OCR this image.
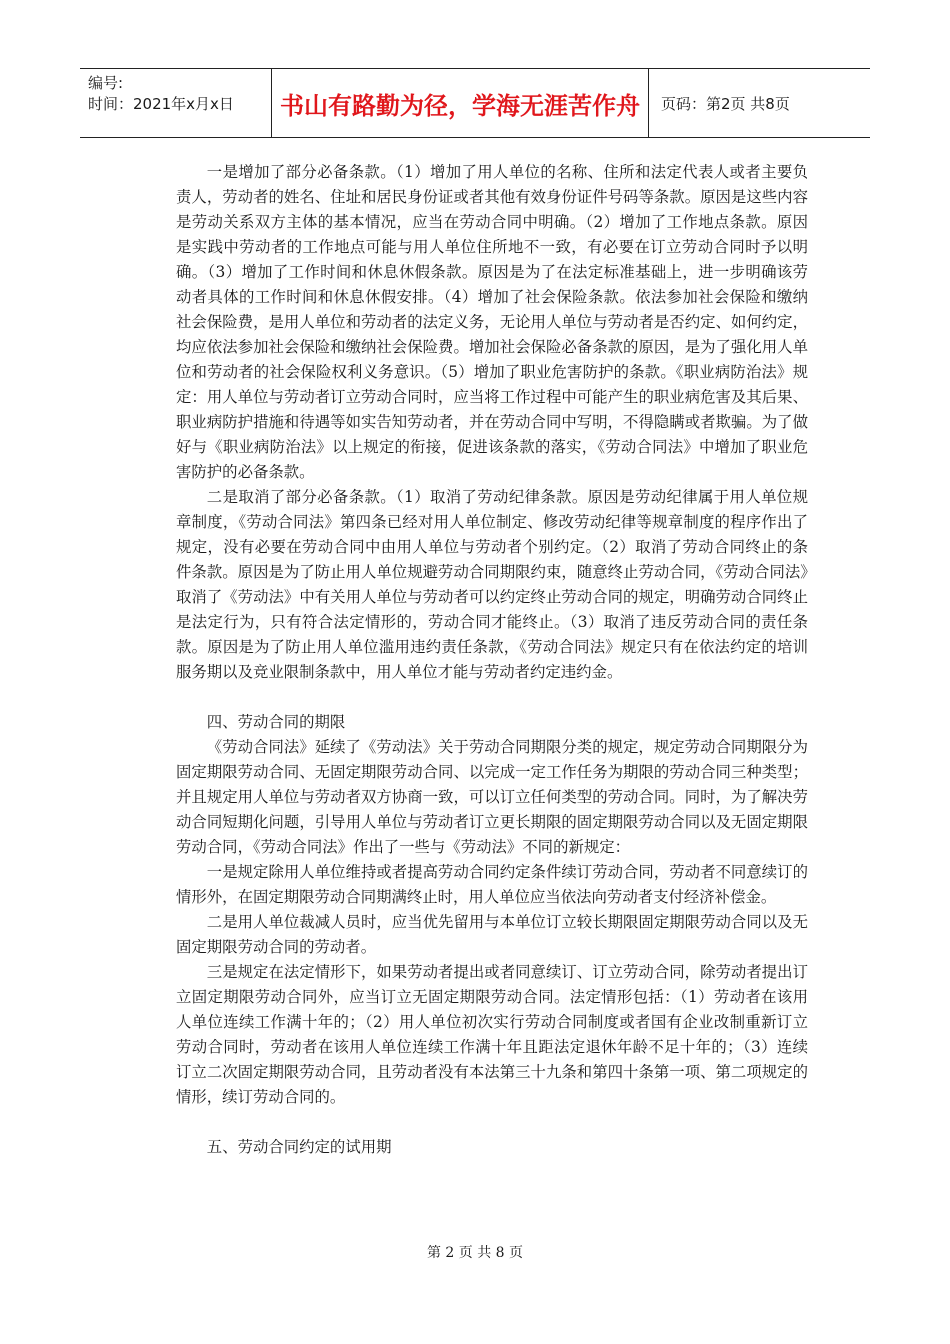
编号:
时间：2021年x月x日	书山有路勤为径，学海无涯苦作舟	页码：第2页 共8页

一是增加了部分必备条款。（1）增加了用人单位的名称、住所和法定代表人或者主要负责人，劳动者的姓名、住址和居民身份证或者其他有效身份证件号码等条款。原因是这些内容是劳动关系双方主体的基本情况，应当在劳动合同中明确。（2）增加了工作地点条款。原因是实践中劳动者的工作地点可能与用人单位住所地不一致，有必要在订立劳动合同时予以明确。（3）增加了工作时间和休息休假条款。原因是为了在法定标准基础上，进一步明确该劳动者具体的工作时间和休息休假安排。（4）增加了社会保险条款。依法参加社会保险和缴纳社会保险费，是用人单位和劳动者的法定义务，无论用人单位与劳动者是否约定、如何约定，均应依法参加社会保险和缴纳社会保险费。增加社会保险必备条款的原因，是为了强化用人单位和劳动者的社会保险权利义务意识。（5）增加了职业危害防护的条款。《职业病防治法》规定：用人单位与劳动者订立劳动合同时，应当将工作过程中可能产生的职业病危害及其后果、职业病防护措施和待遇等如实告知劳动者，并在劳动合同中写明，不得隐瞒或者欺骗。为了做好与《职业病防治法》以上规定的衔接，促进该条款的落实，《劳动合同法》中增加了职业危害防护的必备条款。

二是取消了部分必备条款。（1）取消了劳动纪律条款。原因是劳动纪律属于用人单位规章制度，《劳动合同法》第四条已经对用人单位制定、修改劳动纪律等规章制度的程序作出了规定，没有必要在劳动合同中由用人单位与劳动者个别约定。（2）取消了劳动合同终止的条件条款。原因是为了防止用人单位规避劳动合同期限约束，随意终止劳动合同，《劳动合同法》取消了《劳动法》中有关用人单位与劳动者可以约定终止劳动合同的规定，明确劳动合同终止是法定行为，只有符合法定情形的，劳动合同才能终止。（3）取消了违反劳动合同的责任条款。原因是为了防止用人单位滥用违约责任条款，《劳动合同法》规定只有在依法约定的培训服务期以及竞业限制条款中，用人单位才能与劳动者约定违约金。

四、劳动合同的期限

《劳动合同法》延续了《劳动法》关于劳动合同期限分类的规定，规定劳动合同期限分为固定期限劳动合同、无固定期限劳动合同、以完成一定工作任务为期限的劳动合同三种类型；并且规定用人单位与劳动者双方协商一致，可以订立任何类型的劳动合同。同时，为了解决劳动合同短期化问题，引导用人单位与劳动者订立更长期限的固定期限劳动合同以及无固定期限劳动合同，《劳动合同法》作出了一些与《劳动法》不同的新规定：

一是规定除用人单位维持或者提高劳动合同约定条件续订劳动合同，劳动者不同意续订的情形外，在固定期限劳动合同期满终止时，用人单位应当依法向劳动者支付经济补偿金。

二是用人单位裁减人员时，应当优先留用与本单位订立较长期限固定期限劳动合同以及无固定期限劳动合同的劳动者。

三是规定在法定情形下，如果劳动者提出或者同意续订、订立劳动合同，除劳动者提出订立固定期限劳动合同外，应当订立无固定期限劳动合同。法定情形包括：（1）劳动者在该用人单位连续工作满十年的；（2）用人单位初次实行劳动合同制度或者国有企业改制重新订立劳动合同时，劳动者在该用人单位连续工作满十年且距法定退休年龄不足十年的；（3）连续订立二次固定期限劳动合同，且劳动者没有本法第三十九条和第四十条第一项、第二项规定的情形，续订劳动合同的。

五、劳动合同约定的试用期

第 2 页 共 8 页
